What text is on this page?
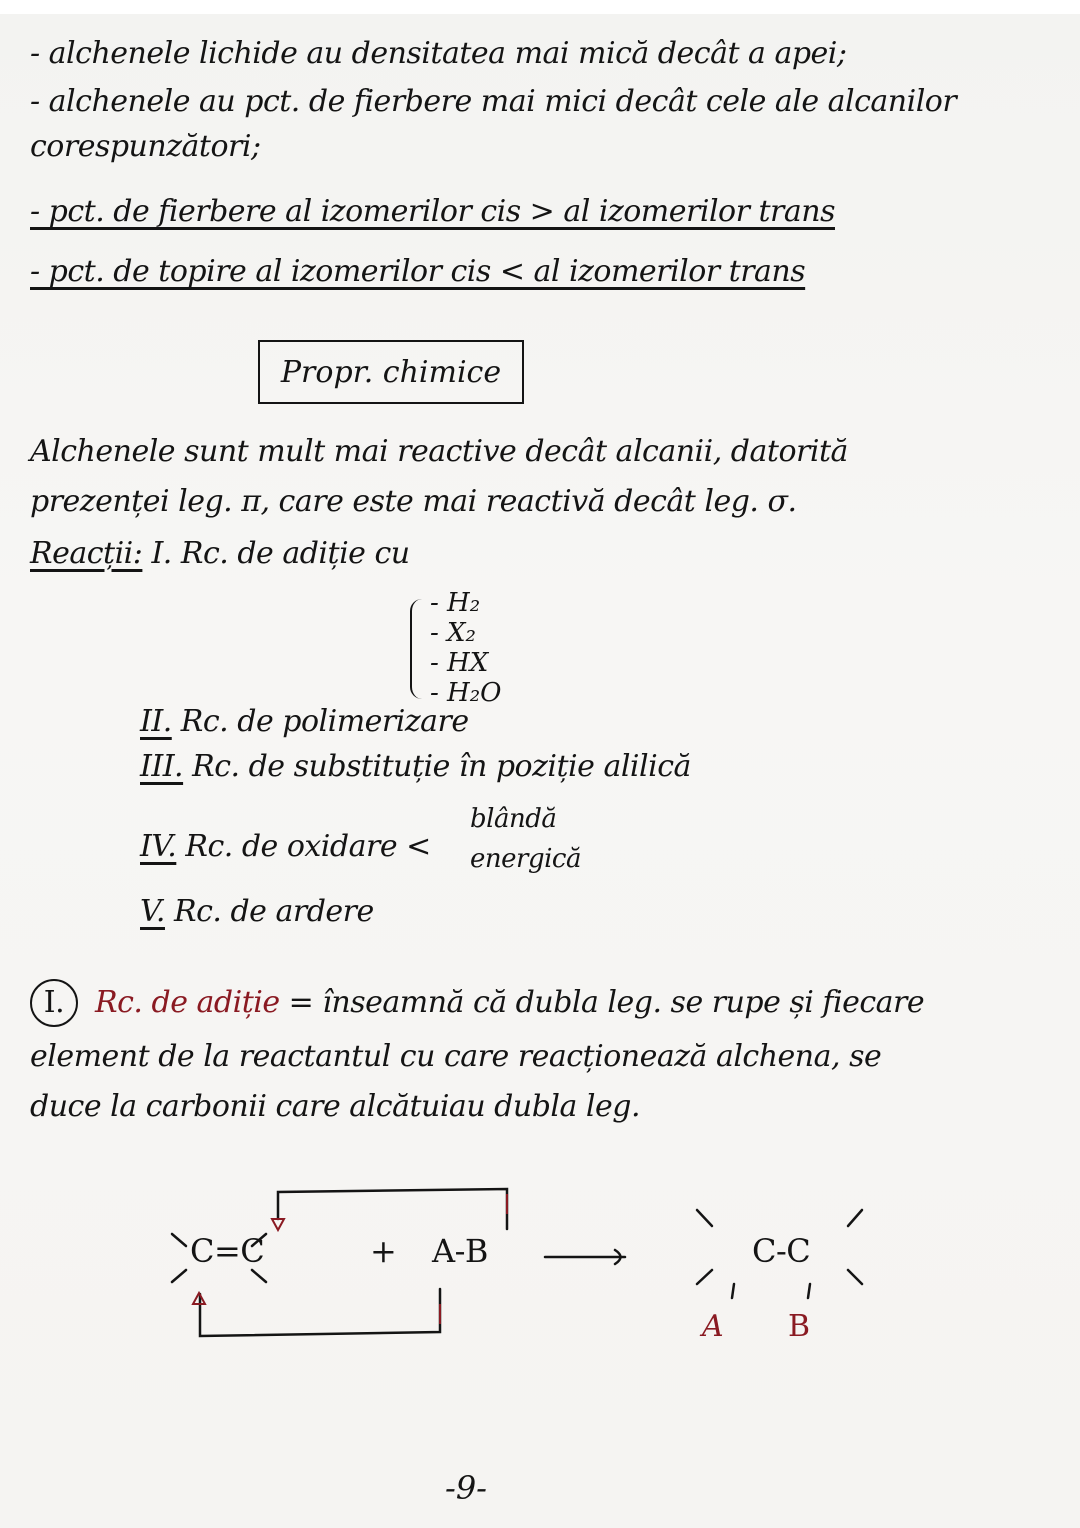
- alchenele lichide au densitatea mai mică decât a apei;
- alchenele au pct. de fierbere mai mici decât cele ale alcanilor
corespunzători;
- pct. de fierbere al izomerilor cis > al izomerilor trans
- pct. de topire al izomerilor cis < al izomerilor trans
Propr. chimice
Alchenele sunt mult mai reactive decât alcanii, datorită
prezenței leg. π, care este mai reactivă decât leg. σ.
Reacții: I. Rc. de adiție cu
- H₂
- X₂
- HX
- H₂O
II. Rc. de polimerizare
III. Rc. de substituție în poziție alilică
IV. Rc. de oxidare <
blândă
energică
V. Rc. de ardere
I. Rc. de adiție = înseamnă că dubla leg. se rupe și fiecare
element de la reactantul cu care reacționează alchena, se
duce la carbonii care alcătuiau dubla leg.
C=C	+ A-B	C-C
A B
-9-
